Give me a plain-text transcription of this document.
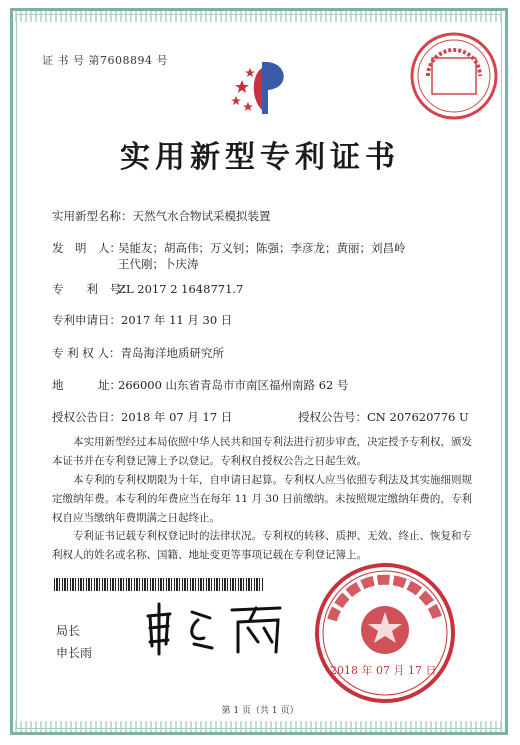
证 书 号 第7608894 号
实用新型专利证书
实用新型名称：天然气水合物试采模拟装置
发　明　人：吴能友；胡高伟；万义钊；陈强；李彦龙；黄丽；刘昌岭
王代刚；卜庆涛
专　　利　号：ZL 2017 2 1648771.7
专利申请日：2017 年 11 月 30 日
专 利 权 人：青岛海洋地质研究所
地　　　址：266000 山东省青岛市市南区福州南路 62 号
授权公告日：2018 年 07 月 17 日	授权公告号：CN 207620776 U
本实用新型经过本局依照中华人民共和国专利法进行初步审查，决定授予专利权，颁发本证书并在专利登记簿上予以登记。专利权自授权公告之日起生效。
本专利的专利权期限为十年，自申请日起算。专利权人应当依照专利法及其实施细则规定缴纳年费。本专利的年费应当在每年 11 月 30 日前缴纳。未按照规定缴纳年费的，专利权自应当缴纳年费期满之日起终止。
专利证书记载专利权登记时的法律状况。专利权的转移、质押、无效、终止、恢复和专利权人的姓名或名称、国籍、地址变更等事项记载在专利登记簿上。
局长
申长雨
2018 年 07 月 17 日
第 1 页（共 1 页）
